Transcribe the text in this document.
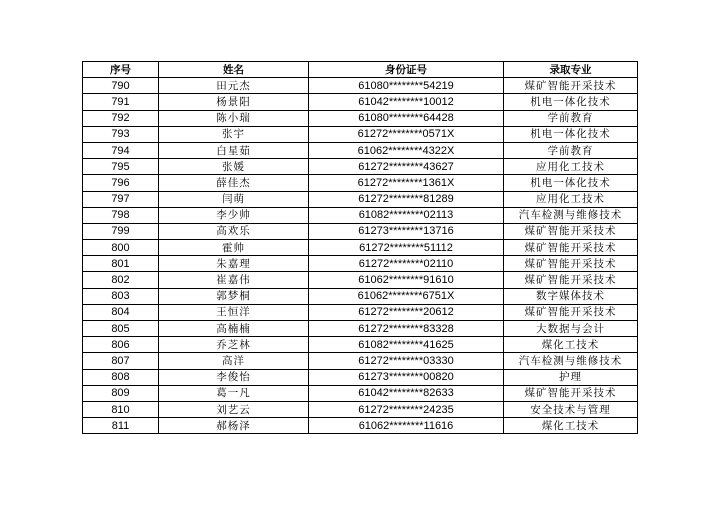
序号	姓名	身份证号	录取专业
790	田元杰	61080********54219	煤矿智能开采技术
791	杨景阳	61042********10012	机电一体化技术
792	陈小瑞	61080********64428	学前教育
793	张宇	61272********0571X	机电一体化技术
794	白星茹	61062********4322X	学前教育
795	张媛	61272********43627	应用化工技术
796	薛佳杰	61272********1361X	机电一体化技术
797	闫萌	61272********81289	应用化工技术
798	李少帅	61082********02113	汽车检测与维修技术
799	高欢乐	61273********13716	煤矿智能开采技术
800	霍帅	61272********51112	煤矿智能开采技术
801	朱嘉理	61272********02110	煤矿智能开采技术
802	崔嘉伟	61062********91610	煤矿智能开采技术
803	郭梦桐	61062********6751X	数字媒体技术
804	王恒洋	61272********20612	煤矿智能开采技术
805	高楠楠	61272********83328	大数据与会计
806	乔芝林	61082********41625	煤化工技术
807	高洋	61272********03330	汽车检测与维修技术
808	李俊怡	61273********00820	护理
809	葛一凡	61042********82633	煤矿智能开采技术
810	刘艺云	61272********24235	安全技术与管理
811	郝杨泽	61062********11616	煤化工技术
